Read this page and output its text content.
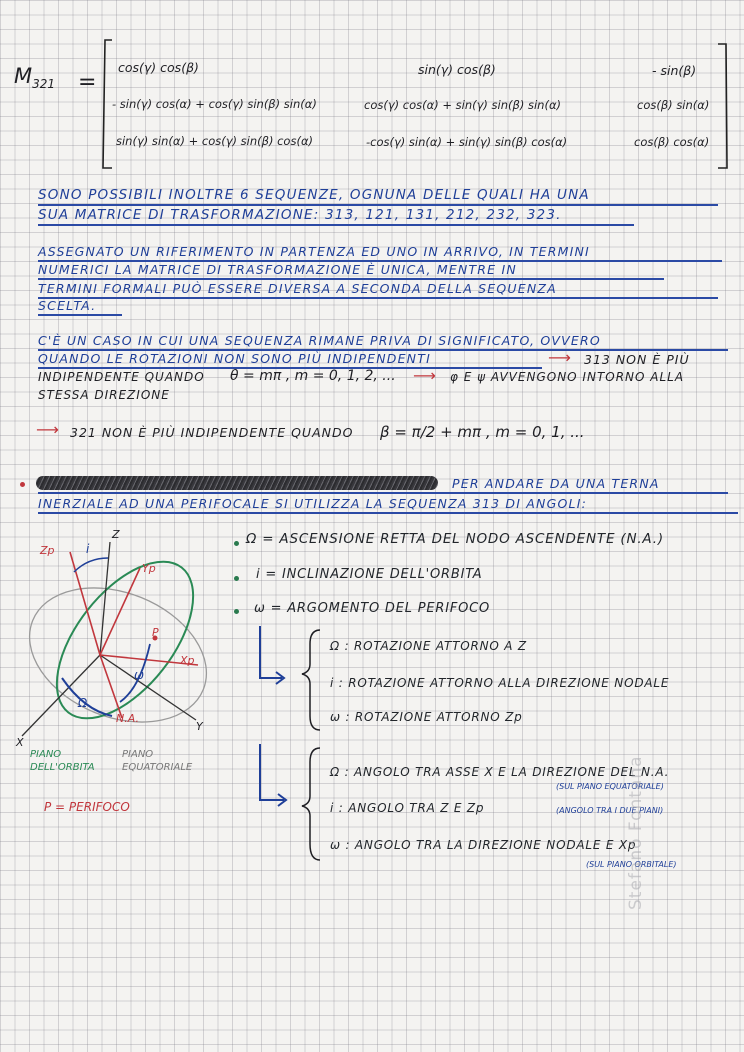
$M_{321}$ =
cos(γ) cos(β)	sin(γ) cos(β)	- sin(β)
- sin(γ) cos(α) + cos(γ) sin(β) sin(α)	cos(γ) cos(α) + sin(γ) sin(β) sin(α)	cos(β) sin(α)
sin(γ) sin(α) + cos(γ) sin(β) cos(α)	-cos(γ) sin(α) + sin(γ) sin(β) cos(α)	cos(β) cos(α)
SONO POSSIBILI INOLTRE 6 SEQUENZE, OGNUNA DELLE QUALI HA UNA
SUA MATRICE DI TRASFORMAZIONE: 313, 121, 131, 212, 232, 323.
ASSEGNATO UN RIFERIMENTO IN PARTENZA ED UNO IN ARRIVO, IN TERMINI
NUMERICI LA MATRICE DI TRASFORMAZIONE È UNICA, MENTRE IN
TERMINI FORMALI PUÒ ESSERE DIVERSA A SECONDA DELLA SEQUENZA
SCELTA.
C'È UN CASO IN CUI UNA SEQUENZA RIMANE PRIVA DI SIGNIFICATO, OVVERO
QUANDO LE ROTAZIONI NON SONO PIÙ INDIPENDENTI	⟶ 313 NON È PIÙ
INDIPENDENTE QUANDO θ = mπ , m = 0, 1, 2, ... ⟶ φ E ψ AVVENGONO INTORNO ALLA
STESSA DIREZIONE
⟶ 321 NON È PIÙ INDIPENDENTE QUANDO β = π/2 + mπ , m = 0, 1, ...
PER ANDARE DA UNA TERNA
INERZIALE AD UNA PERIFOCALE SI UTILIZZA LA SEQUENZA 313 DI ANGOLI:
Zp
Z
i
Yp
P
Xp
ω
Ω
N.A.
X
Y
PIANO
DELL'ORBITA
PIANO
EQUATORIALE
P = PERIFOCO
Ω = ASCENSIONE RETTA DEL NODO ASCENDENTE (N.A.)
i = INCLINAZIONE DELL'ORBITA
ω = ARGOMENTO DEL PERIFOCO
Ω : ROTAZIONE ATTORNO A Z
i : ROTAZIONE ATTORNO ALLA DIREZIONE NODALE
ω : ROTAZIONE ATTORNO Zp
Ω : ANGOLO TRA ASSE X E LA DIREZIONE DEL N.A.
i : ANGOLO TRA Z E Zp
ω : ANGOLO TRA LA DIREZIONE NODALE E Xp
(SUL PIANO EQUATORIALE)
(ANGOLO TRA I DUE PIANI)
(SUL PIANO ORBITALE)
Stefano Fontana
